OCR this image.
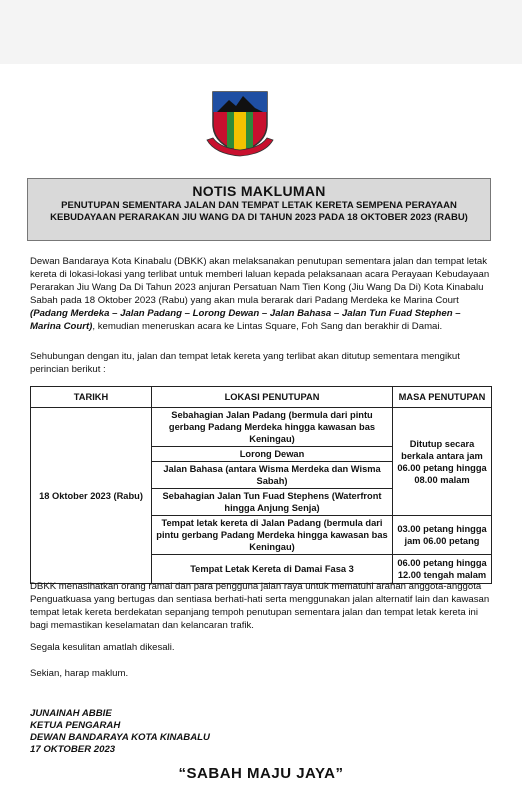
NOTIS MAKLUMAN
PENUTUPAN SEMENTARA JALAN DAN TEMPAT LETAK KERETA SEMPENA PERAYAAN KEBUDAYAAN PERARAKAN JIU WANG DA DI TAHUN 2023 PADA 18 OKTOBER 2023 (RABU)
Dewan Bandaraya Kota Kinabalu (DBKK) akan melaksanakan penutupan sementara jalan dan tempat letak kereta di lokasi-lokasi yang terlibat untuk memberi laluan kepada pelaksanaan acara Perayaan Kebudayaan Perarakan Jiu Wang Da Di Tahun 2023 anjuran Persatuan Nam Tien Kong (Jiu Wang Da Di) Kota Kinabalu Sabah pada 18 Oktober 2023 (Rabu) yang akan mula berarak dari Padang Merdeka ke Marina Court (Padang Merdeka – Jalan Padang – Lorong Dewan – Jalan Bahasa – Jalan Tun Fuad Stephen – Marina Court), kemudian meneruskan acara ke Lintas Square, Foh Sang dan berakhir di Damai.
Sehubungan dengan itu, jalan dan tempat letak kereta yang terlibat akan ditutup sementara mengikut perincian berikut :
TARIKH	LOKASI PENUTUPAN	MASA PENUTUPAN
18 Oktober 2023 (Rabu)	Sebahagian Jalan Padang (bermula dari pintu gerbang Padang Merdeka hingga kawasan bas Keningau)	Ditutup secara berkala antara jam 06.00 petang hingga 08.00 malam
	Lorong Dewan	
	Jalan Bahasa (antara Wisma Merdeka dan Wisma Sabah)	
	Sebahagian Jalan Tun Fuad Stephens (Waterfront hingga Anjung Senja)	
	Tempat letak kereta di Jalan Padang (bermula dari pintu gerbang Padang Merdeka hingga kawasan bas Keningau)	03.00 petang hingga jam 06.00 petang
	Tempat Letak Kereta di Damai Fasa 3	06.00 petang hingga 12.00 tengah malam
DBKK menasihatkan orang ramai dan para pengguna jalan raya untuk mematuhi arahan anggota-anggota Penguatkuasa yang bertugas dan sentiasa berhati-hati serta menggunakan jalan alternatif lain dan kawasan tempat letak kereta berdekatan sepanjang tempoh penutupan sementara jalan dan tempat letak kereta ini bagi memastikan keselamatan dan kelancaran trafik.
Segala kesulitan amatlah dikesali.
Sekian, harap maklum.
JUNAINAH ABBIE
KETUA PENGARAH
DEWAN BANDARAYA KOTA KINABALU
17 OKTOBER 2023
“SABAH MAJU JAYA”
